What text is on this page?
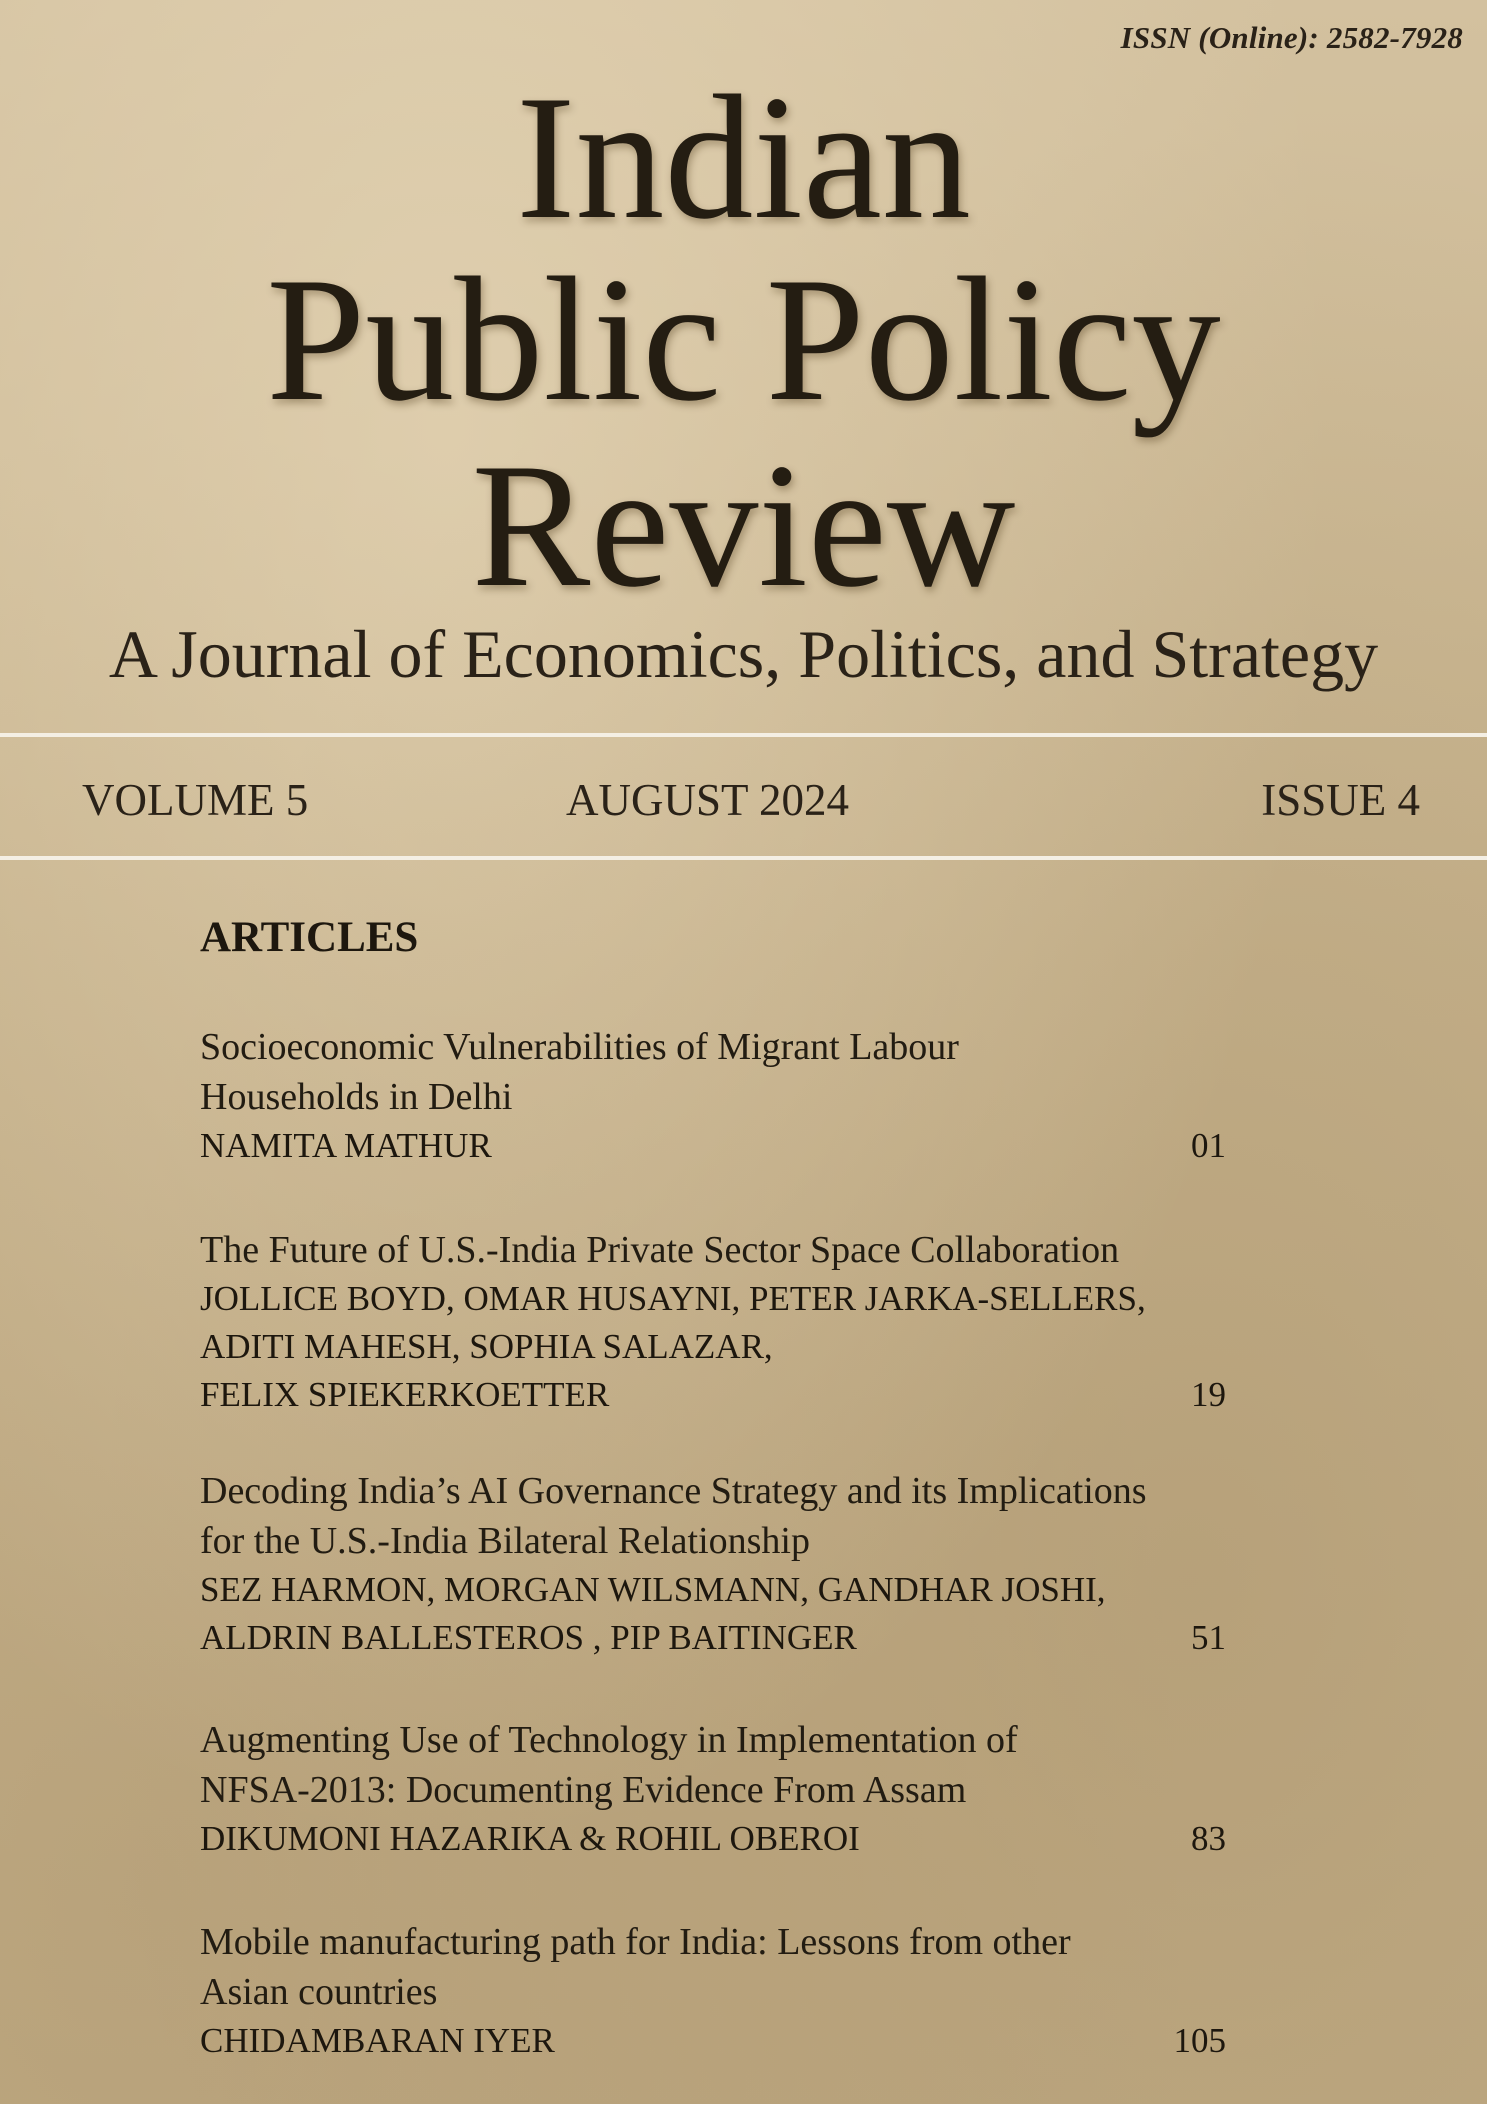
ISSN (Online): 2582-7928
Indian
Public Policy
Review
A Journal of Economics, Politics, and Strategy
VOLUME 5	AUGUST 2024	ISSUE 4
ARTICLES
Socioeconomic Vulnerabilities of Migrant Labour
Households in Delhi
NAMITA MATHUR	01
The Future of U.S.-India Private Sector Space Collaboration
JOLLICE BOYD, OMAR HUSAYNI, PETER JARKA-SELLERS,
ADITI MAHESH, SOPHIA SALAZAR,
FELIX SPIEKERKOETTER	19
Decoding India’s AI Governance Strategy and its Implications
for the U.S.-India Bilateral Relationship
SEZ HARMON, MORGAN WILSMANN, GANDHAR JOSHI,
ALDRIN BALLESTEROS , PIP BAITINGER	51
Augmenting Use of Technology in Implementation of
NFSA-2013: Documenting Evidence From Assam
DIKUMONI HAZARIKA & ROHIL OBEROI	83
Mobile manufacturing path for India: Lessons from other
Asian countries
CHIDAMBARAN IYER	105
